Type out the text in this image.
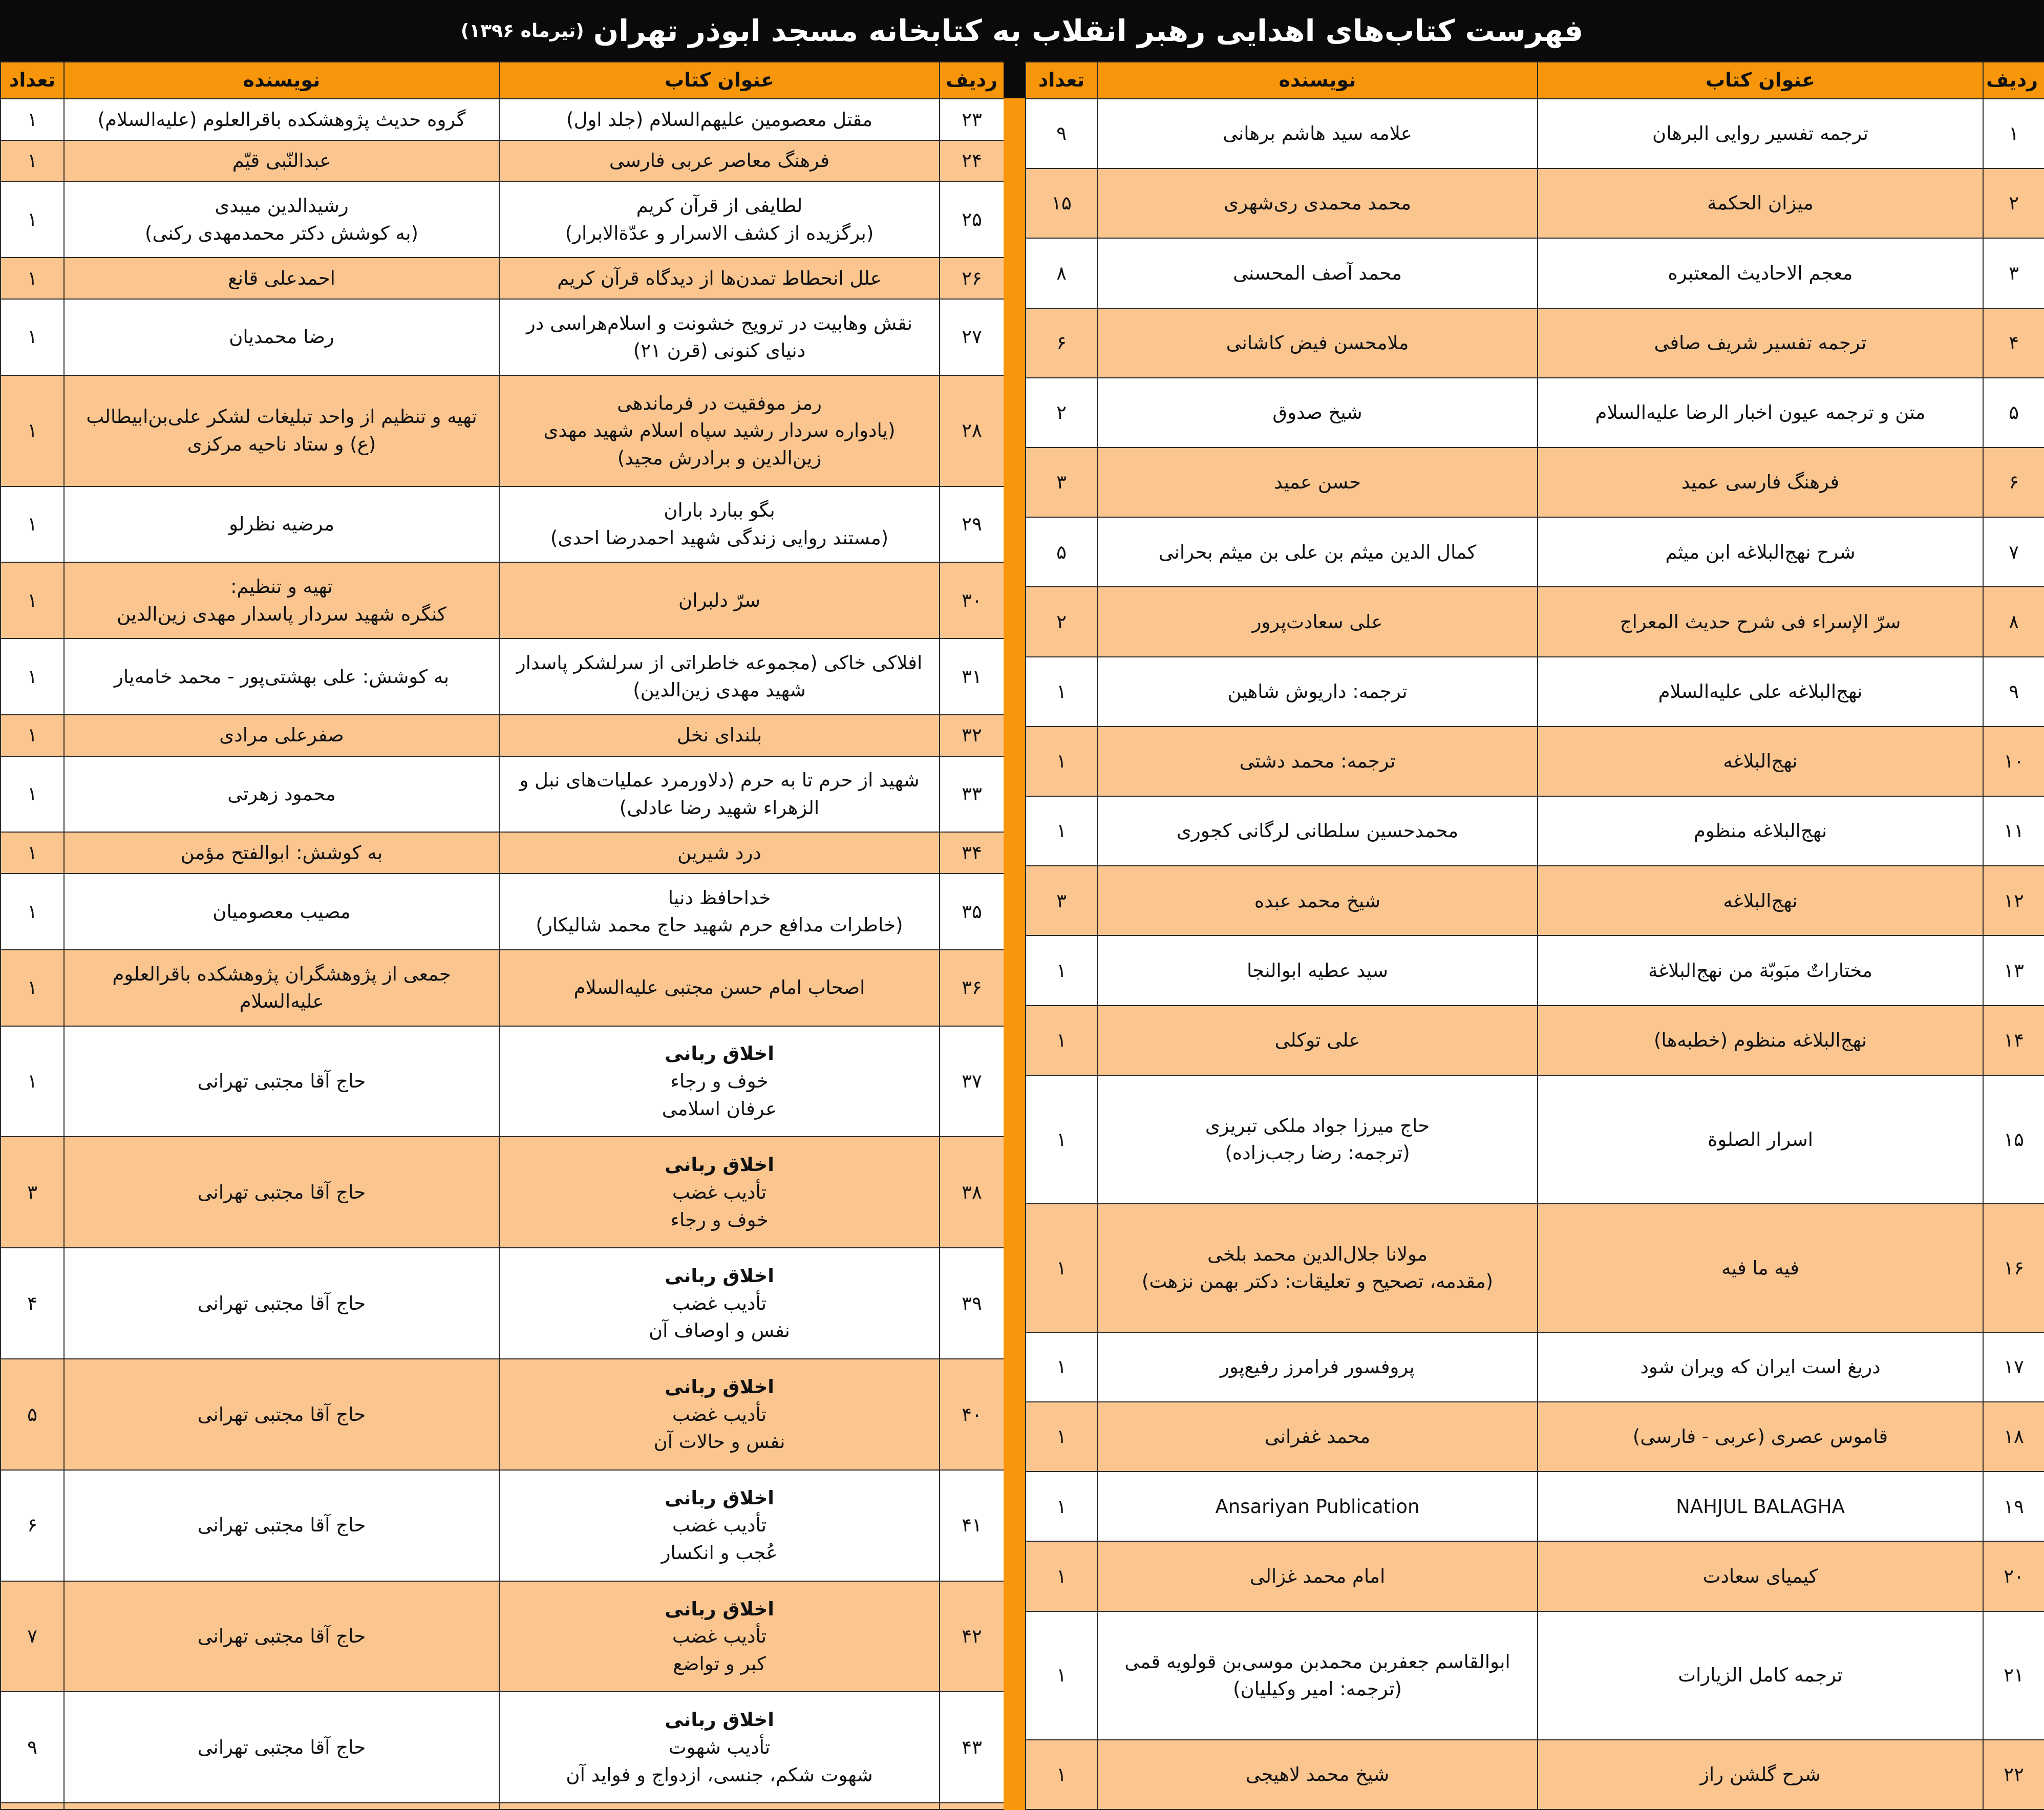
فهرست کتاب‌های اهدایی رهبر انقلاب به کتابخانه مسجد ابوذر تهران
(تیرماه ۱۳۹۶)
ردیف	عنوان کتاب	نویسنده	تعداد
۲۳	مقتل معصومین علیهم‌السلام (جلد اول)	گروه حدیث پژوهشکده باقرالعلوم (علیه‌السلام)	۱
۲۴	فرهنگ معاصر عربی فارسی	عبدالنّبی قیّم	۱
۲۵	لطایفی از قرآن کریم
(برگزیده از کشف الاسرار و عدّة‌الابرار)	رشیدالدین میبدی
(به کوشش دکتر محمدمهدی رکنی)	۱
۲۶	علل انحطاط تمدن‌ها از دیدگاه قرآن کریم	احمدعلی قانع	۱
۲۷	نقش وهابیت در ترویج خشونت و اسلام‌هراسی در
دنیای کنونی (قرن ۲۱)	رضا محمدیان	۱
۲۸	رمز موفقیت در فرماندهی
(یادواره سردار رشید سپاه اسلام شهید مهدی
زین‌الدین و برادرش مجید)	تهیه و تنظیم از واحد تبلیغات لشکر علی‌بن‌ابیطالب
(ع) و ستاد ناحیه مرکزی	۱
۲۹	بگو ببارد باران
(مستند روایی زندگی شهید احمدرضا احدی)	مرضیه نظرلو	۱
۳۰	سرّ دلبران	تهیه و تنظیم:
کنگره شهید سردار پاسدار مهدی زین‌الدین	۱
۳۱	افلاکی خاکی (مجموعه خاطراتی از سرلشکر پاسدار
شهید مهدی زین‌الدین)	به کوشش: علی بهشتی‌پور - محمد خامه‌یار	۱
۳۲	بلندای نخل	صفرعلی مرادی	۱
۳۳	شهید از حرم تا به حرم (دلاورمرد عملیات‌های نبل و
الزهراء شهید رضا عادلی)	محمود زهرتی	۱
۳۴	درد شیرین	به کوشش: ابوالفتح مؤمن	۱
۳۵	خداحافظ دنیا
(خاطرات مدافع حرم شهید حاج محمد شالیکار)	مصیب معصومیان	۱
۳۶	اصحاب امام حسن مجتبی علیه‌السلام	جمعی از پژوهشگران پژوهشکده باقرالعلوم
علیه‌السلام	۱
۳۷	اخلاق ربانی
خوف و رجاء
عرفان اسلامی	حاج آقا مجتبی تهرانی	۱
۳۸	اخلاق ربانی
تأدیب غضب
خوف و رجاء	حاج آقا مجتبی تهرانی	۳
۳۹	اخلاق ربانی
تأدیب غضب
نفس و اوصاف آن	حاج آقا مجتبی تهرانی	۴
۴۰	اخلاق ربانی
تأدیب غضب
نفس و حالات آن	حاج آقا مجتبی تهرانی	۵
۴۱	اخلاق ربانی
تأدیب غضب
عُجب و انکسار	حاج آقا مجتبی تهرانی	۶
۴۲	اخلاق ربانی
تأدیب غضب
کبر و تواضع	حاج آقا مجتبی تهرانی	۷
۴۳	اخلاق ربانی
تأدیب شهوت
شهوت شکم، جنسی، ازدواج و فواید آن	حاج آقا مجتبی تهرانی	۹

ردیف	عنوان کتاب	نویسنده	تعداد
۱	ترجمه تفسیر روایی البرهان	علامه سید هاشم برهانی	۹
۲	میزان الحکمة	محمد محمدی ری‌شهری	۱۵
۳	معجم الاحادیث المعتبره	محمد آصف المحسنی	۸
۴	ترجمه تفسیر شریف صافی	ملامحسن فیض کاشانی	۶
۵	متن و ترجمه عیون اخبار الرضا علیه‌السلام	شیخ صدوق	۲
۶	فرهنگ فارسی عمید	حسن عمید	۳
۷	شرح نهج‌البلاغه ابن میثم	کمال الدین میثم بن علی بن میثم بحرانی	۵
۸	سرّ الإسراء فی شرح حدیث المعراج	علی سعادت‌پرور	۲
۹	نهج‌البلاغه علی علیه‌السلام	ترجمه: داریوش شاهین	۱
۱۰	نهج‌البلاغه	ترجمه: محمد دشتی	۱
۱۱	نهج‌البلاغه منظوم	محمدحسین سلطانی لرگانی کجوری	۱
۱۲	نهج‌البلاغه	شیخ محمد عبده	۳
۱۳	مختاراتٌ مبَوبّة من نهج‌البلاغة	سید عطیه ابوالنجا	۱
۱۴	نهج‌البلاغه منظوم (خطبه‌ها)	علی توکلی	۱
۱۵	اسرار الصلوة	حاج میرزا جواد ملکی تبریزی
(ترجمه: رضا رجب‌زاده)	۱
۱۶	فیه ما فیه	مولانا جلال‌الدین محمد بلخی
(مقدمه، تصحیح و تعلیقات: دکتر بهمن نزهت)	۱
۱۷	دریغ است ایران که ویران شود	پروفسور فرامرز رفیع‌پور	۱
۱۸	قاموس عصری (عربی - فارسی)	محمد غفرانی	۱
۱۹	NAHJUL BALAGHA	Ansariyan Publication	۱
۲۰	کیمیای سعادت	امام محمد غزالی	۱
۲۱	ترجمه کامل الزیارات	ابوالقاسم جعفربن محمدبن موسی‌بن قولویه قمی
(ترجمه: امیر وکیلیان)	۱
۲۲	شرح گلشن راز	شیخ محمد لاهیجی	۱
